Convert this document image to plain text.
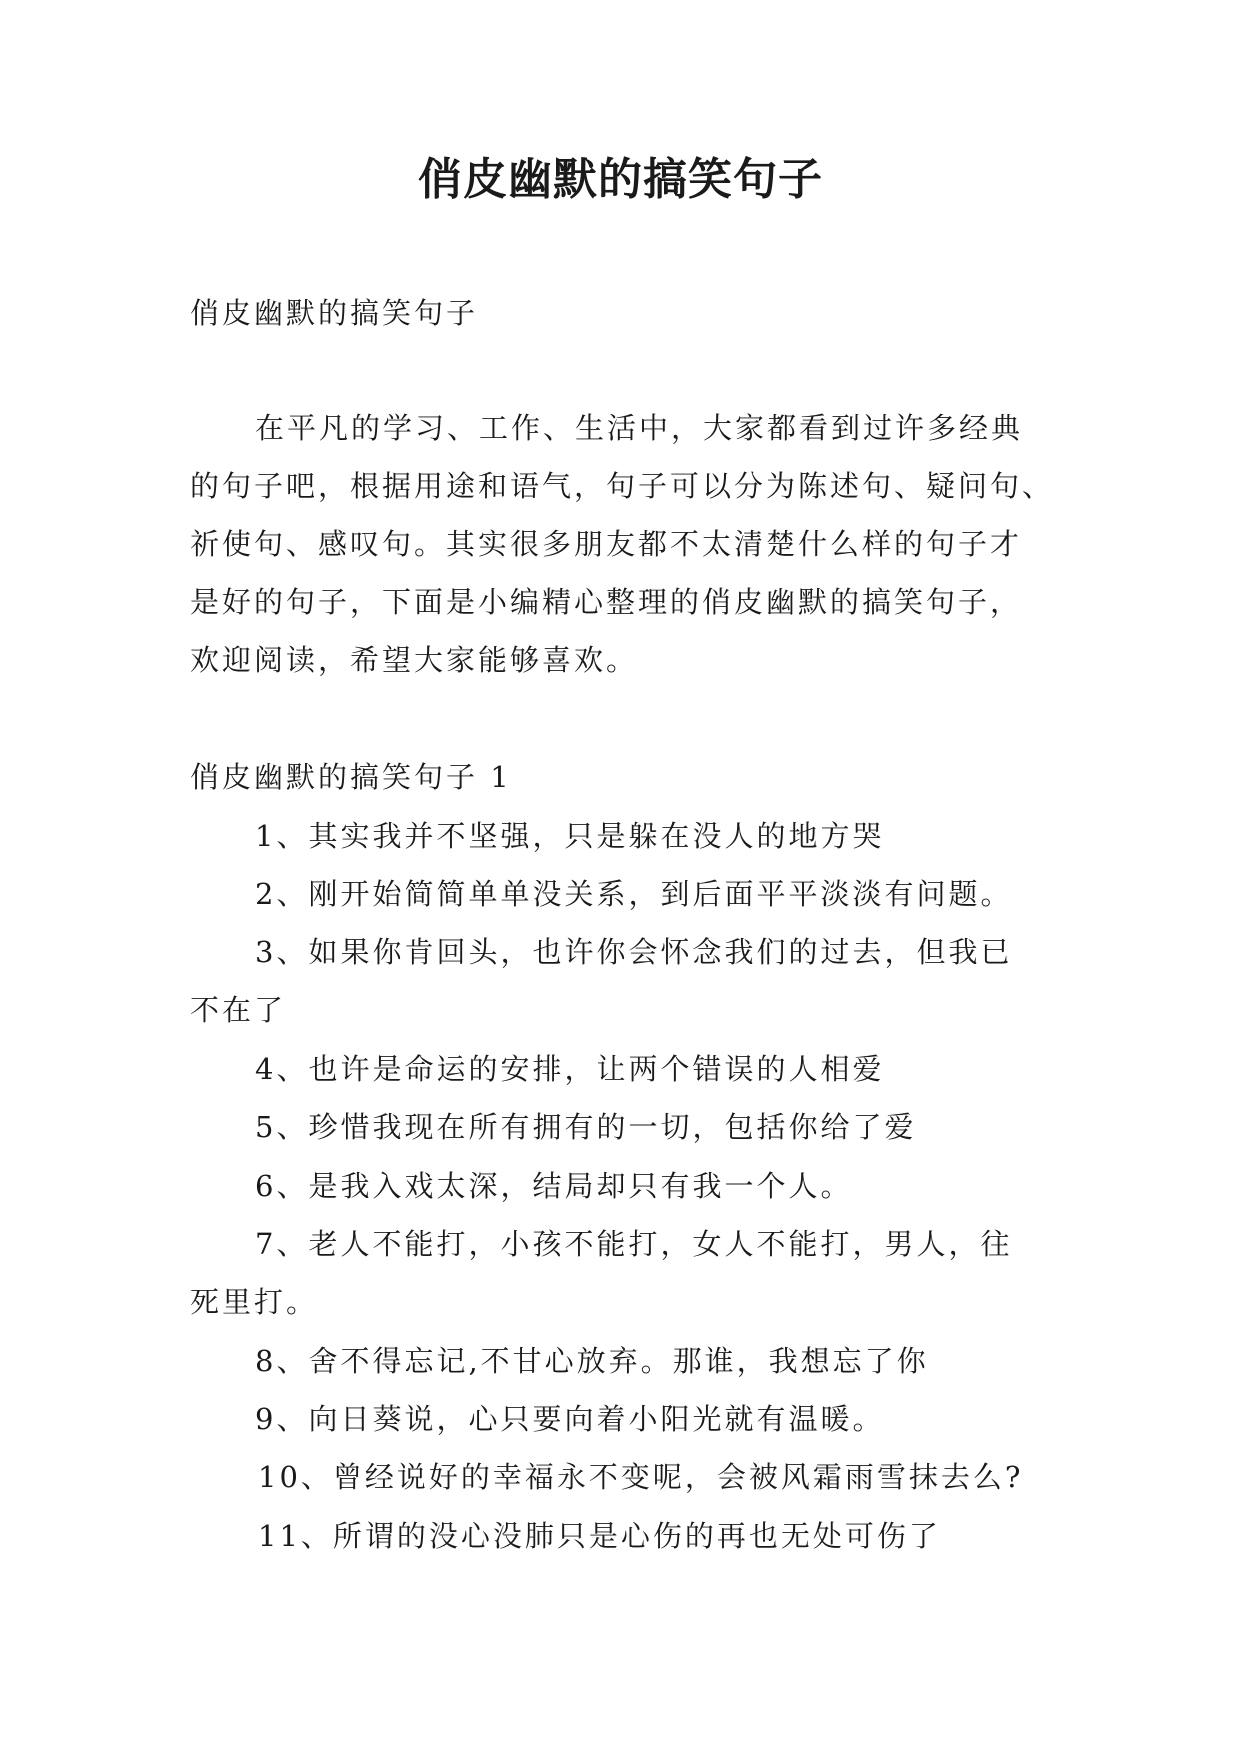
俏皮幽默的搞笑句子

俏皮幽默的搞笑句子

在平凡的学习、工作、生活中，大家都看到过许多经典

的句子吧，根据用途和语气，句子可以分为陈述句、疑问句、

祈使句、感叹句。其实很多朋友都不太清楚什么样的句子才

是好的句子，下面是小编精心整理的俏皮幽默的搞笑句子，

欢迎阅读，希望大家能够喜欢。

俏皮幽默的搞笑句子 1

1、其实我并不坚强，只是躲在没人的地方哭

2、刚开始简简单单没关系，到后面平平淡淡有问题。

3、如果你肯回头，也许你会怀念我们的过去，但我已

不在了

4、也许是命运的安排，让两个错误的人相爱

5、珍惜我现在所有拥有的一切，包括你给了爱

6、是我入戏太深，结局却只有我一个人。

7、老人不能打，小孩不能打，女人不能打，男人，往

死里打。

8、舍不得忘记,不甘心放弃。那谁，我想忘了你

9、向日葵说，心只要向着小阳光就有温暖。

10、曾经说好的幸福永不变呢，会被风霜雨雪抹去么?

11、所谓的没心没肺只是心伤的再也无处可伤了
